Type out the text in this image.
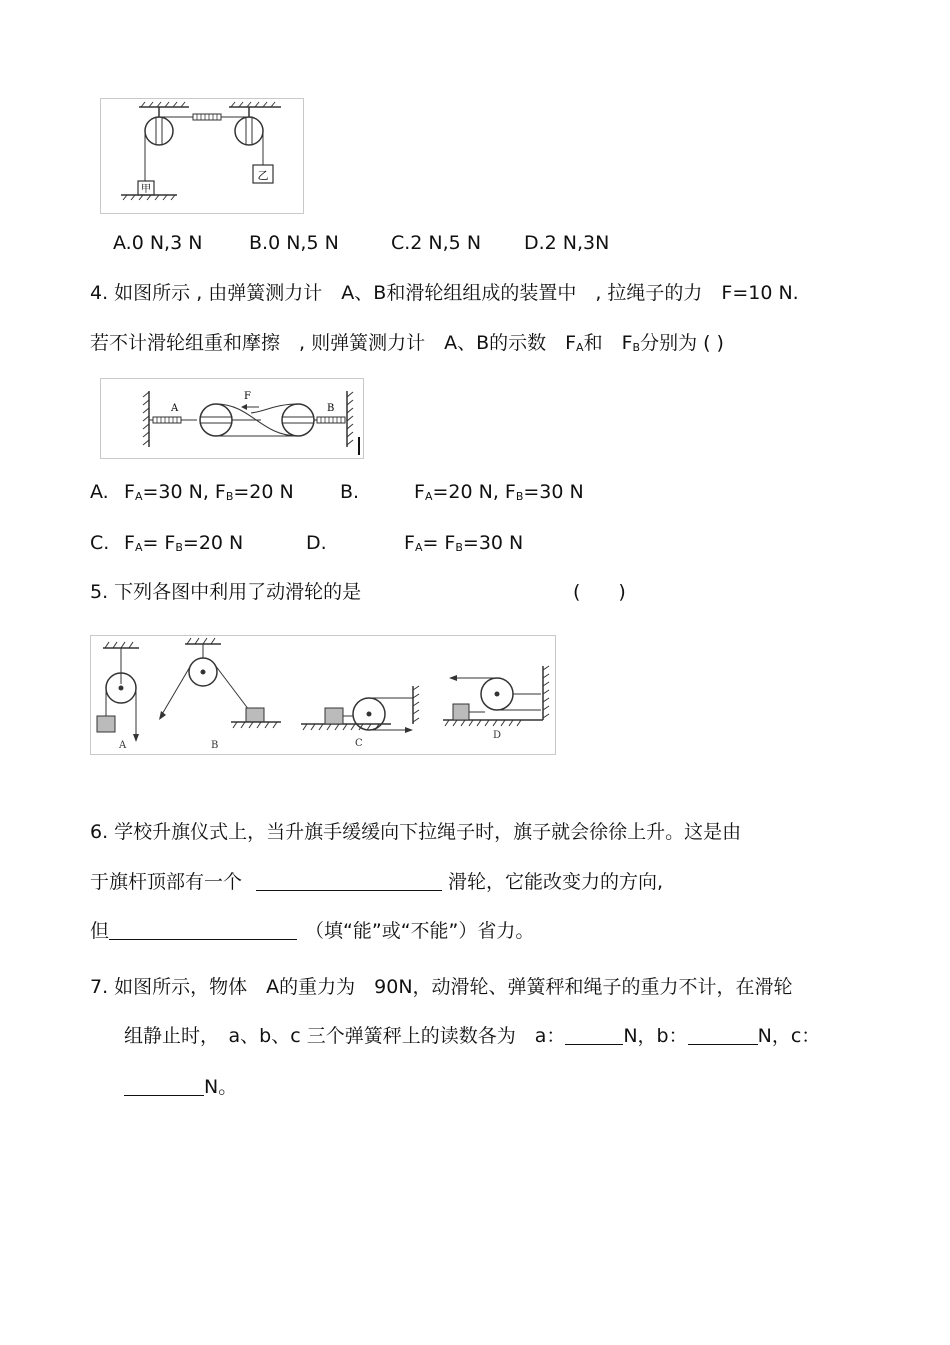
甲
乙
A.0 N,3 N B.0 N,5 N	C.2 N,5 N D.2 N,3N
4. 如图所示 , 由弹簧测力计　A、B和滑轮组组成的装置中　, 拉绳子的力　F=10 N.
若不计滑轮组重和摩擦　, 则弹簧测力计　A、B的示数　FA和　FB分别为 ( )
A
F
B
A. FA=30 N, FB=20 N B.	FA=20 N, FB=30 N
C. FA= FB=20 N	D.	FA= FB=30 N
5. 下列各图中利用了动滑轮的是	(　　)
A	B	C
D
6. 学校升旗仪式上，当升旗手缓缓向下拉绳子时，旗子就会徐徐上升。这是由
于旗杆顶部有一个	滑轮，它能改变力的方向,
但	（填“能”或“不能”）省力。
7. 如图所示，物体　A的重力为　90N，动滑轮、弹簧秤和绳子的重力不计，在滑轮
组静止时，　a、b、c 三个弹簧秤上的读数各为　a：	N，b：	N，c：
N。
